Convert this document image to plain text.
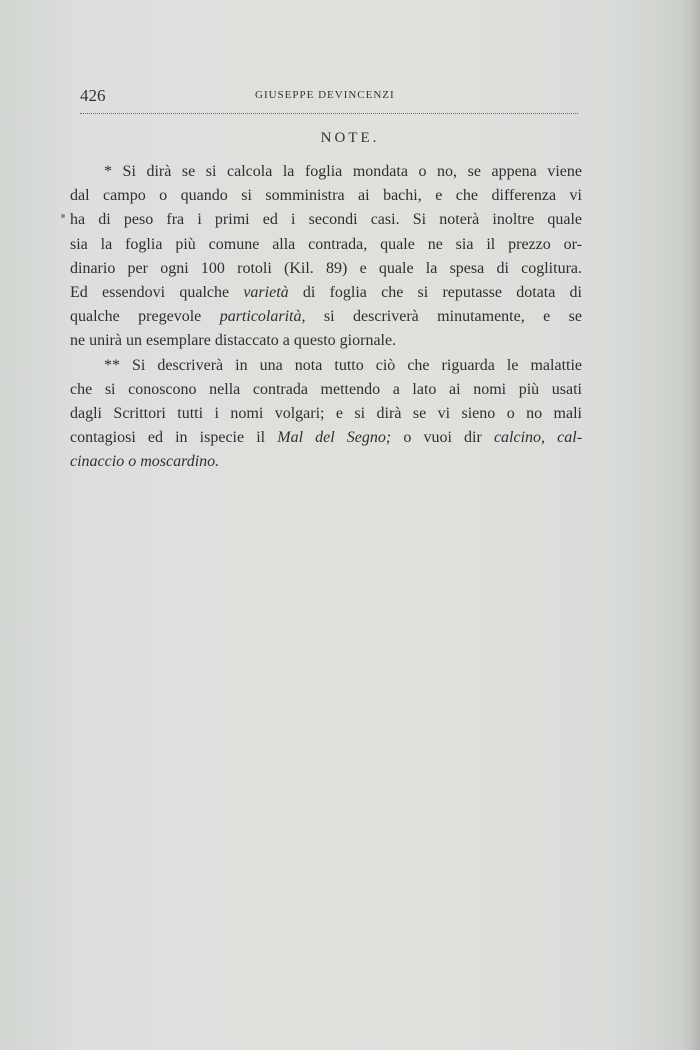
426	GIUSEPPE DEVINCENZI
NOTE.

* Si dirà se si calcola la foglia mondata o no, se appena viene
dal campo o quando si somministra ai bachi, e che differenza vi
ha di peso fra i primi ed i secondi casi. Si noterà inoltre quale
sia la foglia più comune alla contrada, quale ne sia il prezzo or-
dinario per ogni 100 rotoli (Kil. 89) e quale la spesa di coglitura.
Ed essendovi qualche varietà di foglia che si reputasse dotata di
qualche pregevole particolarità, si descriverà minutamente, e se
ne unirà un esemplare distaccato a questo giornale.

** Si descriverà in una nota tutto ciò che riguarda le malattie
che si conoscono nella contrada mettendo a lato ai nomi più usati
dagli Scrittori tutti i nomi volgari; e si dirà se vi sieno o no mali
contagiosi ed in ispecie il Mal del Segno; o vuoi dir calcino, cal-
cinaccio o moscardino.
